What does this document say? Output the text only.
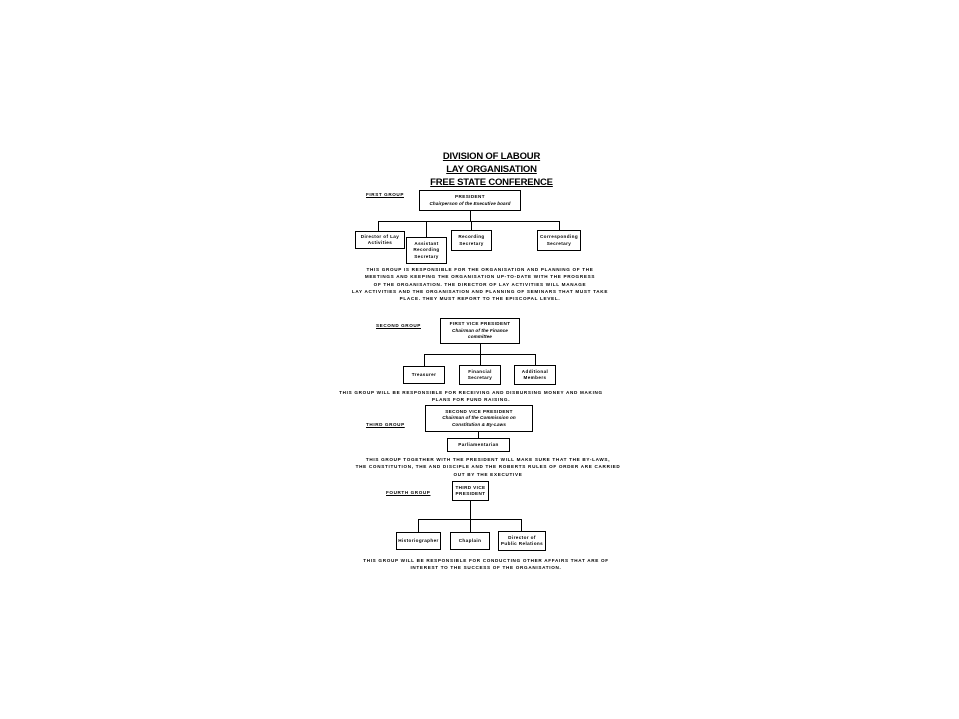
DIVISION OF LABOUR
LAY ORGANISATION
FREE STATE CONFERENCE
FIRST GROUP	PRESIDENT
Chairperson of the Executive board
Director of Lay
Activities	Assistant
Recording
Secretary
Recording
Secretary
Corresponding
Secretary
THIS GROUP IS RESPONSIBLE FOR THE ORGANISATION AND PLANNING OF THE
MEETINGS AND KEEPING THE ORGANISATION UP-TO-DATE WITH THE PROGRESS
OF THE ORGANISATION. THE DIRECTOR OF LAY ACTIVITIES WILL MANAGE
LAY ACTIVITIES AND THE ORGANISATION AND PLANNING OF SEMINARS THAT MUST TAKE
PLACE. THEY MUST REPORT TO THE EPISCOPAL LEVEL.
SECOND GROUP	FIRST VICE PRESIDENT
Chairman of the Finance
committee
Treasurer
Financial
Secretary
Additional
Members
THIS GROUP WILL BE RESPONSIBLE FOR RECEIVING AND DISBURSING MONEY AND MAKING
PLANS FOR FUND RAISING.
THIRD GROUP
SECOND VICE PRESIDENT
Chairman of the Commission on
Constitution & By-Laws
Parliamentarian
THIS GROUP TOGETHER WITH THE PRESIDENT WILL MAKE SURE THAT THE BY-LAWS,
THE CONSTITUTION, THE AND DISCIPLE AND THE ROBERTS RULES OF ORDER ARE CARRIED
OUT BY THE EXECUTIVE
FOURTH GROUP
THIRD VICE
PRESIDENT
Historiographer	Chaplain
Director of
Public Relations
THIS GROUP WILL BE RESPONSIBLE FOR CONDUCTING OTHER AFFAIRS THAT ARE OF
INTEREST TO THE SUCCESS OF THE ORGANISATION.
